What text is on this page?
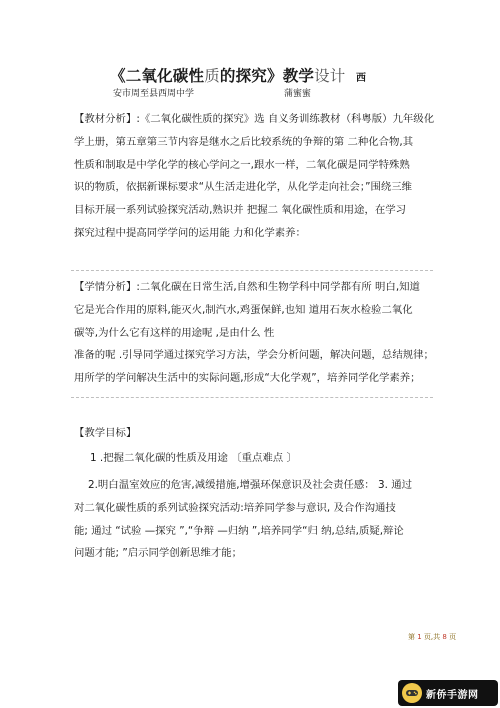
《二氧化碳性质的探究》教学设计	西
安市周至县西周中学	蒲蜜蜜
【教材分析】:《二氧化碳性质的探究》选 自义务训练教材（科粤版）九年级化
学上册，第五章第三节内容是继水之后比较系统的争辩的第 二种化合物,其
性质和制取是中学化学的核心学问之一,跟水一样，二氧化碳是同学特殊熟
识的物质，依据新课标要求“从生活走进化学，从化学走向社会；”围绕三维
目标开展一系列试验探究活动,熟识并 把握二 氧化碳性质和用途，在学习
探究过程中提高同学学问的运用能 力和化学素养：
【学情分析】:二氧化碳在日常生活,自然和生物学科中同学都有所 明白,知道
它是光合作用的原料,能灭火,制汽水,鸡蛋保鲜,也知 道用石灰水检验二氧化
碳等,为什么它有这样的用途呢 ,是由什么 性
准备的呢 .引导同学通过探究学习方法，学会分析问题，解决问题，总结规律；
用所学的学问解决生活中的实际问题,形成“大化学观”，培养同学化学素养；
【教学目标】
1 .把握二氧化碳的性质及用途 〔重点难点 〕
2.明白温室效应的危害,减缓措施,增强环保意识及社会责任感： 3. 通过
对二氧化碳性质的系列试验探究活动:培养同学参与意识, 及合作沟通技
能; 通过 “试验 —探究 ”,“争辩 —归纳 ”,培养同学“归 纳,总结,质疑,辩论
问题才能; ”启示同学创新思维才能；
第 1 页,共 8 页
新侨手游网
